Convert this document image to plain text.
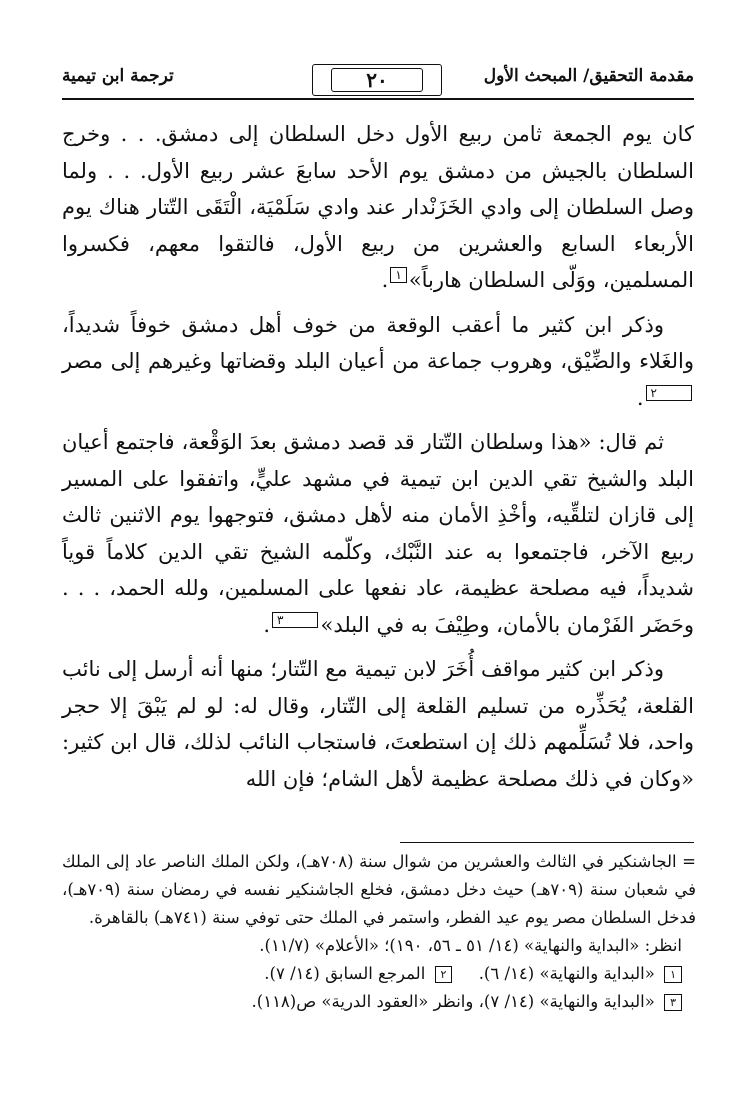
مقدمة التحقيق/ المبحث الأول
٢٠
ترجمة ابن تيمية

كان يوم الجمعة ثامن ربيع الأول دخل السلطان إلى دمشق. . . وخرج السلطان بالجيش من دمشق يوم الأحد سابعَ عشر ربيع الأول. . . ولما وصل السلطان إلى وادي الخَزَنْدار عند وادي سَلَمْيَة، الْتَقَى التّتار هناك يوم الأربعاء السابع والعشرين من ربيع الأول، فالتقوا معهم، فكسروا المسلمين، ووَلّى السلطان هارباً»١.

وذكر ابن كثير ما أعقب الوقعة من خوف أهل دمشق خوفاً شديداً، والغَلاء والضِّيْق، وهروب جماعة من أعيان البلد وقضاتها وغيرهم إلى مصر٢.

ثم قال: «هذا وسلطان التّتار قد قصد دمشق بعدَ الوَقْعة، فاجتمع أعيان البلد والشيخ تقي الدين ابن تيمية في مشهد عليٍّ، واتفقوا على المسير إلى قازان لتلقِّيه، وأخْذِ الأمان منه لأهل دمشق، فتوجهوا يوم الاثنين ثالث ربيع الآخر، فاجتمعوا به عند النَّبْك، وكلّمه الشيخ تقي الدين كلاماً قوياً شديداً، فيه مصلحة عظيمة، عاد نفعها على المسلمين، ولله الحمد، . . . وحَضَر الفَرْمان بالأمان، وطِيْفَ به في البلد»٣.

وذكر ابن كثير مواقف أُخَرَ لابن تيمية مع التّتار؛ منها أنه أرسل إلى نائب القلعة، يُحَذِّره من تسليم القلعة إلى التّتار، وقال له: لو لم يَبْقَ إلا حجر واحد، فلا تُسَلِّمهم ذلك إن استطعتَ، فاستجاب النائب لذلك، قال ابن كثير: «وكان في ذلك مصلحة عظيمة لأهل الشام؛ فإن الله

= الجاشنكير في الثالث والعشرين من شوال سنة (٧٠٨هـ)، ولكن الملك الناصر عاد إلى الملك في شعبان سنة (٧٠٩هـ) حيث دخل دمشق، فخلع الجاشنكير نفسه في رمضان سنة (٧٠٩هـ)، فدخل السلطان مصر يوم عيد الفطر، واستمر في الملك حتى توفي سنة (٧٤١هـ) بالقاهرة.

انظر: «البداية والنهاية» (١٤/ ٥١ ـ ٥٦، ١٩٠)؛ «الأعلام» (١١/٧).

١ «البداية والنهاية» (١٤/ ٦).     ٢ المرجع السابق (١٤/ ٧).

٣ «البداية والنهاية» (١٤/ ٧)، وانظر «العقود الدرية» ص(١١٨).
